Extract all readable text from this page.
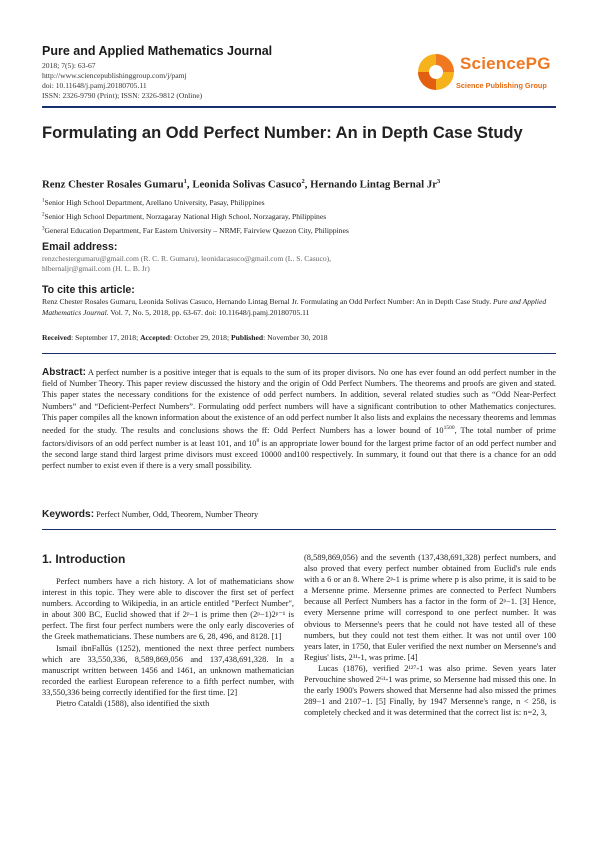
Pure and Applied Mathematics Journal
2018; 7(5): 63-67
http://www.sciencepublishinggroup.com/j/pamj
doi: 10.11648/j.pamj.20180705.11
ISSN: 2326-9790 (Print); ISSN: 2326-9812 (Online)
SciencePG
Science Publishing Group
Formulating an Odd Perfect Number: An in Depth Case Study
Renz Chester Rosales Gumaru$^1$, Leonida Solivas Casuco$^2$, Hernando Lintag Bernal Jr$^3$
$^1$Senior High School Department, Arellano University, Pasay, Philippines
$^2$Senior High School Department, Norzagaray National High School, Norzagaray, Philippines
$^3$General Education Department, Far Eastern University – NRMF, Fairview Quezon City, Philippines
Email address:
renzchestergumaru@gmail.com (R. C. R. Gumaru), leonidacasuco@gmail.com (L. S. Casuco),
hlbernaljr@gmail.com (H. L. B. Jr)
To cite this article:
Renz Chester Rosales Gumaru, Leonida Solivas Casuco, Hernando Lintag Bernal Jr. Formulating an Odd Perfect Number: An in Depth Case Study. Pure and Applied Mathematics Journal. Vol. 7, No. 5, 2018, pp. 63-67. doi: 10.11648/j.pamj.20180705.11
Received: September 17, 2018; Accepted: October 29, 2018; Published: November 30, 2018
Abstract: A perfect number is a positive integer that is equals to the sum of its proper divisors. No one has ever found an odd perfect number in the field of Number Theory. This paper review discussed the history and the origin of Odd Perfect Numbers. The theorems and proofs are given and stated. This paper states the necessary conditions for the existence of odd perfect numbers. In addition, several related studies such as “Odd Near-Perfect Numbers” and “Deficient-Perfect Numbers”. Formulating odd perfect numbers will have a significant contribution to other Mathematics conjectures. This paper compiles all the known information about the existence of an odd perfect number It also lists and explains the necessary theorems and lemmas needed for the study. The results and conclusions shows the ff: Odd Perfect Numbers has a lower bound of $10^{1500}$, The total number of prime factors/divisors of an odd perfect number is at least 101, and $10^8$ is an appropriate lower bound for the largest prime factor of an odd perfect number and the second large stand third largest prime divisors must exceed 10000 and100 respectively. In summary, it found out that there is a chance for an odd perfect number to exist even if there is a very small possibility.
Keywords: Perfect Number, Odd, Theorem, Number Theory
1. Introduction

Perfect numbers have a rich history. A lot of mathematicians show interest in this topic. They were able to discover the first set of perfect numbers. According to Wikipedia, in an article entitled "Perfect Number", in about 300 BC, Euclid showed that if 2ᵖ−1 is prime then (2ᵖ−1)2ᵖ⁻¹ is perfect. The first four perfect numbers were the only early discoveries of the Greek mathematicians. These numbers are 6, 28, 496, and 8128. [1]

Ismail ibnFallūs (1252), mentioned the next three perfect numbers which are 33,550,336, 8,589,869,056 and 137,438,691,328. In a manuscript written between 1456 and 1461, an unknown mathematician recorded the earliest European reference to a fifth perfect number, with 33,550,336 being correctly identified for the first time. [2]

Pietro Cataldi (1588), also identified the sixth

(8,589,869,056) and the seventh (137,438,691,328) perfect numbers, and also proved that every perfect number obtained from Euclid's rule ends with a 6 or an 8. Where 2ᵖ-1 is prime where p is also prime, it is said to be a Mersenne prime. Mersenne primes are connected to Perfect Numbers because all Perfect Numbers has a factor in the form of 2ᵖ−1. [3] Hence, every Mersenne prime will correspond to one perfect number. It was obvious to Mersenne's peers that he could not have tested all of these numbers, but they could not test them either. It was not until over 100 years later, in 1750, that Euler verified the next number on Mersenne's and Regius' lists, 2³¹-1, was prime. [4]

Lucas (1876), verified 2¹²⁷-1 was also prime. Seven years later Pervouchine showed 2⁶¹-1 was prime, so Mersenne had missed this one. In the early 1900's Powers showed that Mersenne had also missed the primes 289−1 and 2107−1. [5] Finally, by 1947 Mersenne's range, n < 258, is completely checked and it was determined that the correct list is: n=2, 3,
